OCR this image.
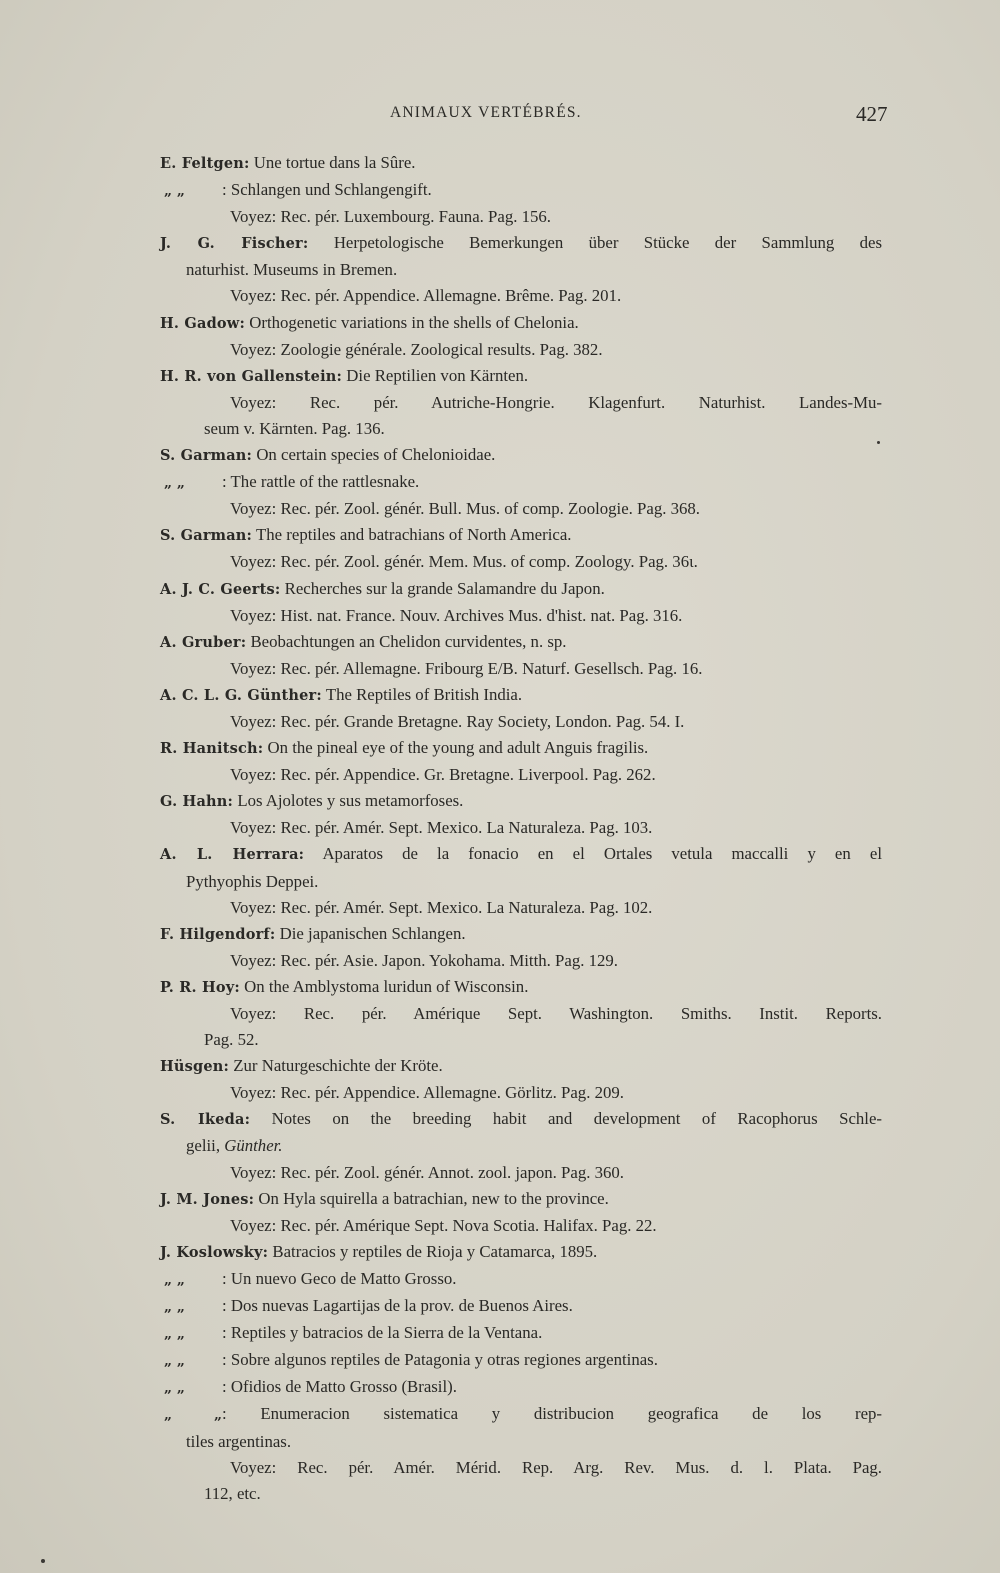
ANIMAUX VERTÉBRÉS.	427
E. Feltgen: Une tortue dans la Sûre.
„ „ : Schlangen und Schlangengift.
Voyez: Rec. pér. Luxembourg. Fauna. Pag. 156.
J. G. Fischer: Herpetologische Bemerkungen über Stücke der Sammlung des
naturhist. Museums in Bremen.
Voyez: Rec. pér. Appendice. Allemagne. Brême. Pag. 201.
H. Gadow: Orthogenetic variations in the shells of Chelonia.
Voyez: Zoologie générale. Zoological results. Pag. 382.
H. R. von Gallenstein: Die Reptilien von Kärnten.
Voyez: Rec. pér. Autriche-Hongrie. Klagenfurt. Naturhist. Landes-Mu-
seum v. Kärnten. Pag. 136.
S. Garman: On certain species of Chelonioidae.
„ „ : The rattle of the rattlesnake.
Voyez: Rec. pér. Zool. génér. Bull. Mus. of comp. Zoologie. Pag. 368.
S. Garman: The reptiles and batrachians of North America.
Voyez: Rec. pér. Zool. génér. Mem. Mus. of comp. Zoology. Pag. 36ɩ.
A. J. C. Geerts: Recherches sur la grande Salamandre du Japon.
Voyez: Hist. nat. France. Nouv. Archives Mus. d'hist. nat. Pag. 316.
A. Gruber: Beobachtungen an Chelidon curvidentes, n. sp.
Voyez: Rec. pér. Allemagne. Fribourg E/B. Naturf. Gesellsch. Pag. 16.
A. C. L. G. Günther: The Reptiles of British India.
Voyez: Rec. pér. Grande Bretagne. Ray Society, London. Pag. 54. I.
R. Hanitsch: On the pineal eye of the young and adult Anguis fragilis.
Voyez: Rec. pér. Appendice. Gr. Bretagne. Liverpool. Pag. 262.
G. Hahn: Los Ajolotes y sus metamorfoses.
Voyez: Rec. pér. Amér. Sept. Mexico. La Naturaleza. Pag. 103.
A. L. Herrara: Aparatos de la fonacio en el Ortales vetula maccalli y en el
Pythyophis Deppei.
Voyez: Rec. pér. Amér. Sept. Mexico. La Naturaleza. Pag. 102.
F. Hilgendorf: Die japanischen Schlangen.
Voyez: Rec. pér. Asie. Japon. Yokohama. Mitth. Pag. 129.
P. R. Hoy: On the Amblystoma luridun of Wisconsin.
Voyez: Rec. pér. Amérique Sept. Washington. Smiths. Instit. Reports.
Pag. 52.
Hüsgen: Zur Naturgeschichte der Kröte.
Voyez: Rec. pér. Appendice. Allemagne. Görlitz. Pag. 209.
S. Ikeda: Notes on the breeding habit and development of Racophorus Schle-
gelii, Günther.
Voyez: Rec. pér. Zool. génér. Annot. zool. japon. Pag. 360.
J. M. Jones: On Hyla squirella a batrachian, new to the province.
Voyez: Rec. pér. Amérique Sept. Nova Scotia. Halifax. Pag. 22.
J. Koslowsky: Batracios y reptiles de Rioja y Catamarca, 1895.
„ „ : Un nuevo Geco de Matto Grosso.
„ „ : Dos nuevas Lagartijas de la prov. de Buenos Aires.
„ „ : Reptiles y batracios de la Sierra de la Ventana.
„ „ : Sobre algunos reptiles de Patagonia y otras regiones argentinas.
„ „ : Ofidios de Matto Grosso (Brasil).
„ „: Enumeracion sistematica y distribucion geografica de los rep-
tiles argentinas.
Voyez: Rec. pér. Amér. Mérid. Rep. Arg. Rev. Mus. d. l. Plata. Pag.
112, etc.
